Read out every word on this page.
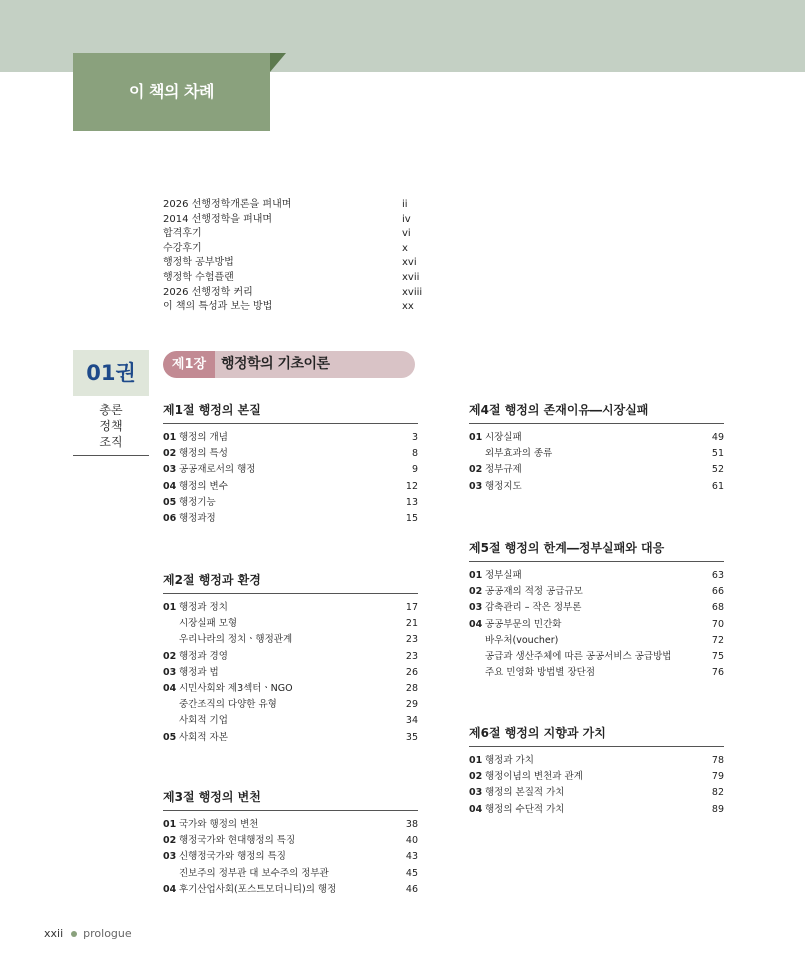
이 책의 차례
2026 선행정학개론을 펴내며	ii
2014 선행정학을 펴내며	iv
합격후기	vi
수강후기	x
행정학 공부방법	xvi
행정학 수험플랜	xvii
2026 선행정학 커리	xviii
이 책의 특성과 보는 방법	xx
01권
총론
정책
조직
제1장	행정학의 기초이론
제1절 행정의 본질
01 행정의 개념	3
02 행정의 특성	8
03 공공재로서의 행정	9
04 행정의 변수	12
05 행정기능	13
06 행정과정	15
제2절 행정과 환경
01 행정과 정치	17
시장실패 모형	21
우리나라의 정치ㆍ행정관계	23
02 행정과 경영	23
03 행정과 법	26
04 시민사회와 제3섹터ㆍNGO	28
중간조직의 다양한 유형	29
사회적 기업	34
05 사회적 자본	35
제3절 행정의 변천
01 국가와 행정의 변천	38
02 행정국가와 현대행정의 특징	40
03 신행정국가와 행정의 특징	43
진보주의 정부관 대 보수주의 정부관	45
04 후기산업사회(포스트모더니티)의 행정	46
제4절 행정의 존재이유―시장실패
01 시장실패	49
외부효과의 종류	51
02 정부규제	52
03 행정지도	61
제5절 행정의 한계―정부실패와 대응
01 정부실패	63
02 공공재의 적정 공급규모	66
03 감축관리 – 작은 정부론	68
04 공공부문의 민간화	70
바우처(voucher)	72
공급과 생산주체에 따른 공공서비스 공급방법	75
주요 민영화 방법별 장단점	76
제6절 행정의 지향과 가치
01 행정과 가치	78
02 행정이념의 변천과 관계	79
03 행정의 본질적 가치	82
04 행정의 수단적 가치	89
xxii prologue
